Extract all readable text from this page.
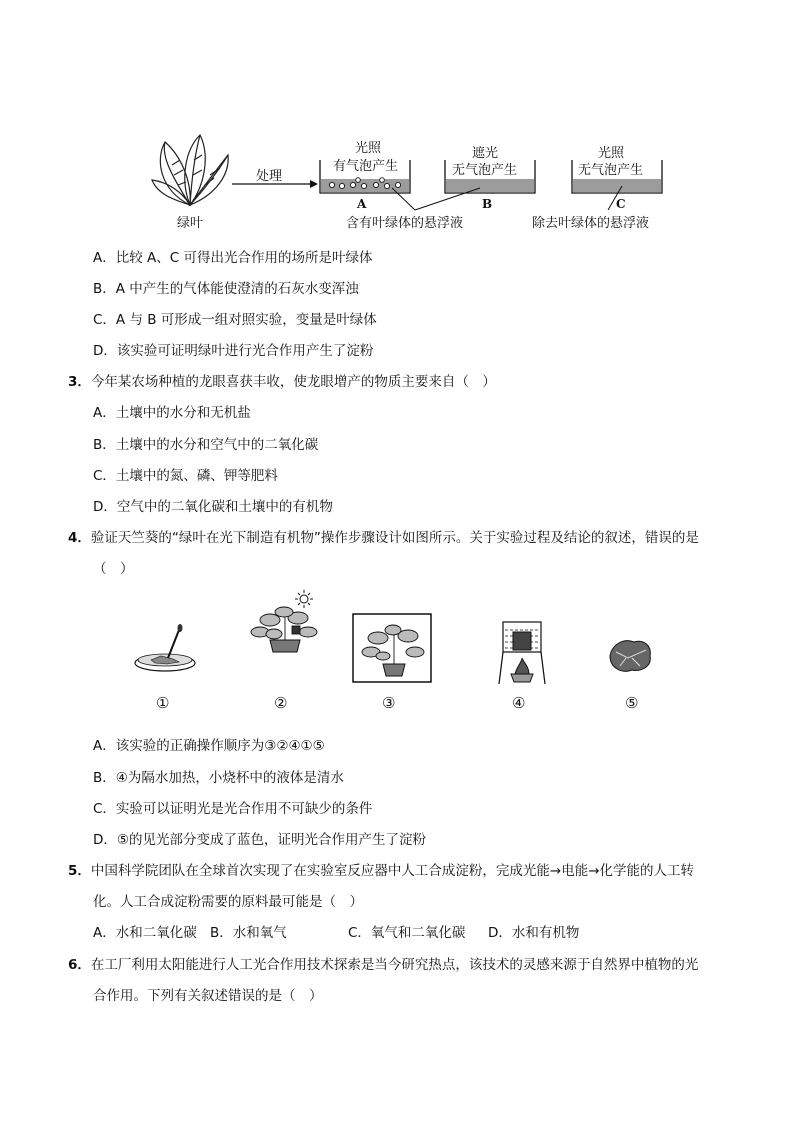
绿叶
处理
光照
有气泡产生
A
遮光
无气泡产生
B
光照
无气泡产生
C
含有叶绿体的悬浮液	除去叶绿体的悬浮液
A．比较 A、C 可得出光合作用的场所是叶绿体
B．A 中产生的气体能使澄清的石灰水变浑浊
C．A 与 B 可形成一组对照实验，变量是叶绿体
D．该实验可证明绿叶进行光合作用产生了淀粉
3．今年某农场种植的龙眼喜获丰收，使龙眼增产的物质主要来自（　）
A．土壤中的水分和无机盐
B．土壤中的水分和空气中的二氧化碳
C．土壤中的氮、磷、钾等肥料
D．空气中的二氧化碳和土壤中的有机物
4．验证天竺葵的“绿叶在光下制造有机物”操作步骤设计如图所示。关于实验过程及结论的叙述，错误的是
（　）
①	②	③	④	⑤
A．该实验的正确操作顺序为③②④①⑤
B．④为隔水加热，小烧杯中的液体是清水
C．实验可以证明光是光合作用不可缺少的条件
D．⑤的见光部分变成了蓝色，证明光合作用产生了淀粉
5．中国科学院团队在全球首次实现了在实验室反应器中人工合成淀粉，完成光能→电能→化学能的人工转
化。人工合成淀粉需要的原料最可能是（　）
A．水和二氧化碳 B．水和氧气	C．氧气和二氧化碳 D．水和有机物
6．在工厂利用太阳能进行人工光合作用技术探索是当今研究热点，该技术的灵感来源于自然界中植物的光
合作用。下列有关叙述错误的是（　）
